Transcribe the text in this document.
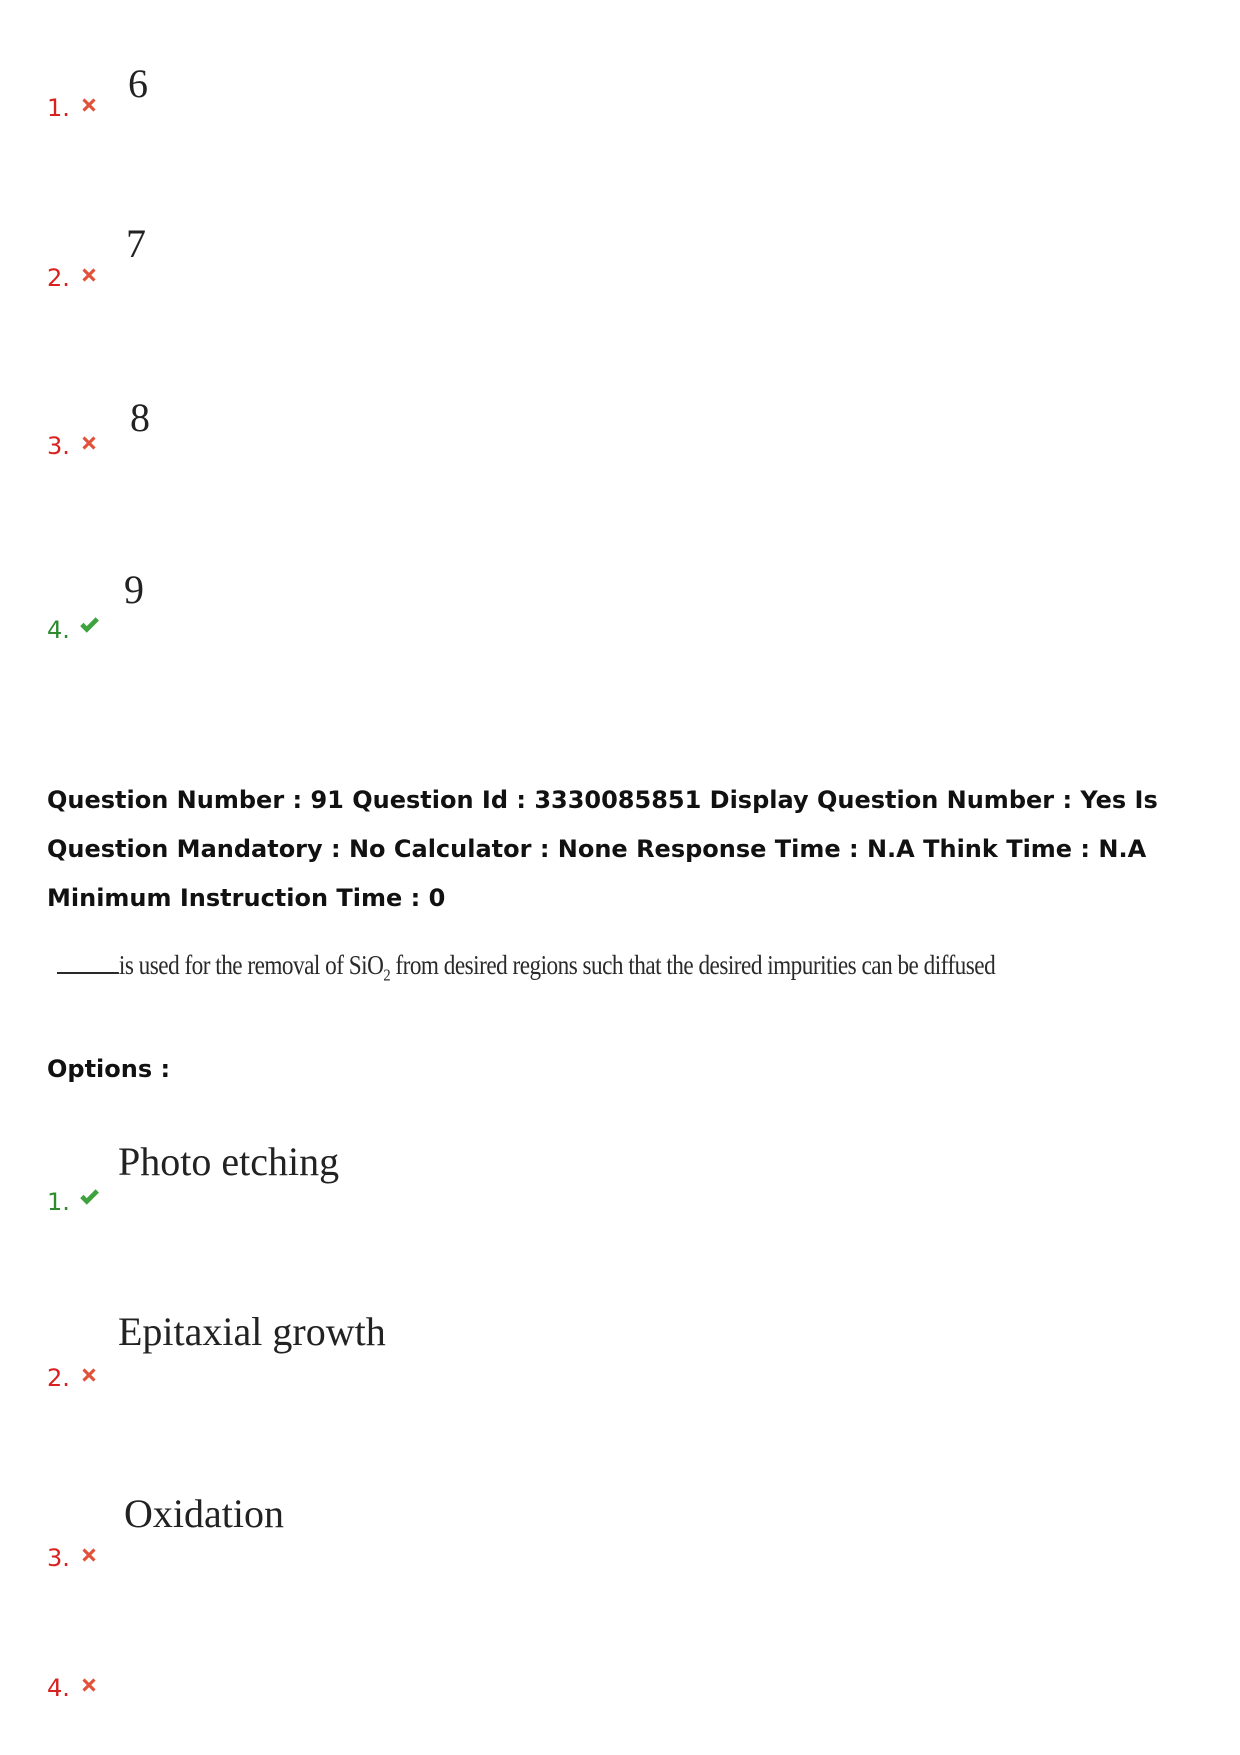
6
1.
7
2.
8
3.
9
4.
Question Number : 91 Question Id : 3330085851 Display Question Number : Yes Is Question Mandatory : No Calculator : None Response Time : N.A Think Time : N.A Minimum Instruction Time : 0
is used for the removal of SiO$_2$ from desired regions such that the desired impurities can be diffused
Options :
Photo etching
1.
Epitaxial growth
2.
Oxidation
3.
4.
